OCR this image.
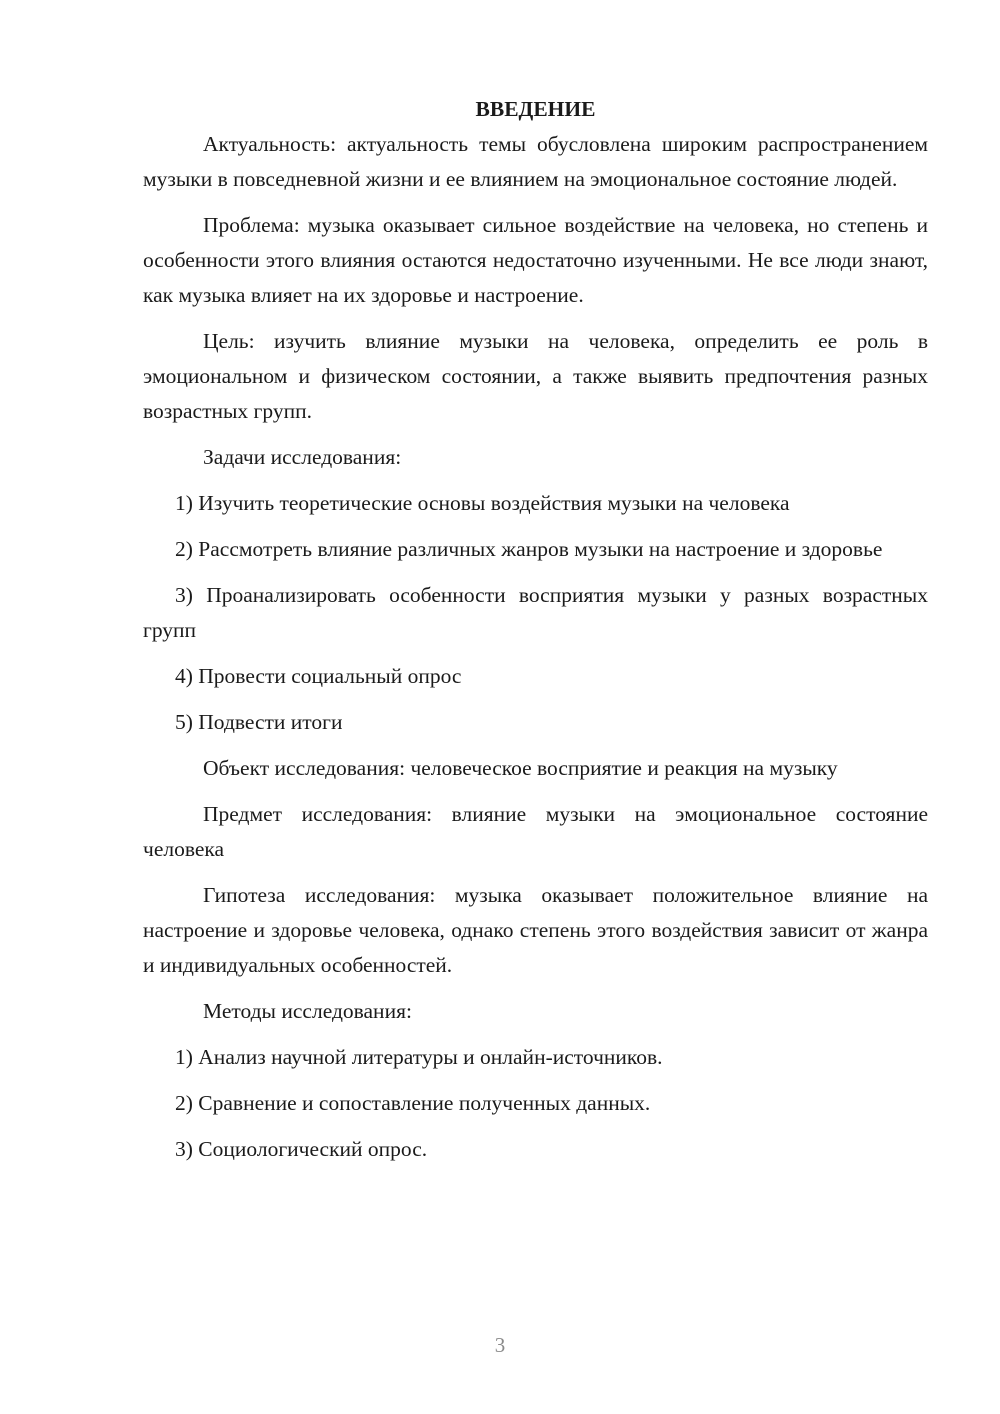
ВВЕДЕНИЕ

Актуальность: актуальность темы обусловлена широким распространением музыки в повседневной жизни и ее влиянием на эмоциональное состояние людей.

Проблема: музыка оказывает сильное воздействие на человека, но степень и особенности этого влияния остаются недостаточно изученными. Не все люди знают, как музыка влияет на их здоровье и настроение.

Цель: изучить влияние музыки на человека, определить ее роль в эмоциональном и физическом состоянии, а также выявить предпочтения разных возрастных групп.

Задачи исследования:

1) Изучить теоретические основы воздействия музыки на человека

2) Рассмотреть влияние различных жанров музыки на настроение и здоровье

3) Проанализировать особенности восприятия музыки у разных возрастных групп

4) Провести социальный опрос

5) Подвести итоги

Объект исследования: человеческое восприятие и реакция на музыку

Предмет исследования: влияние музыки на эмоциональное состояние человека

Гипотеза исследования: музыка оказывает положительное влияние на настроение и здоровье человека, однако степень этого воздействия зависит от жанра и индивидуальных особенностей.

Методы исследования:

1) Анализ научной литературы и онлайн-источников.

2) Сравнение и сопоставление полученных данных.

3) Социологический опрос.

3
